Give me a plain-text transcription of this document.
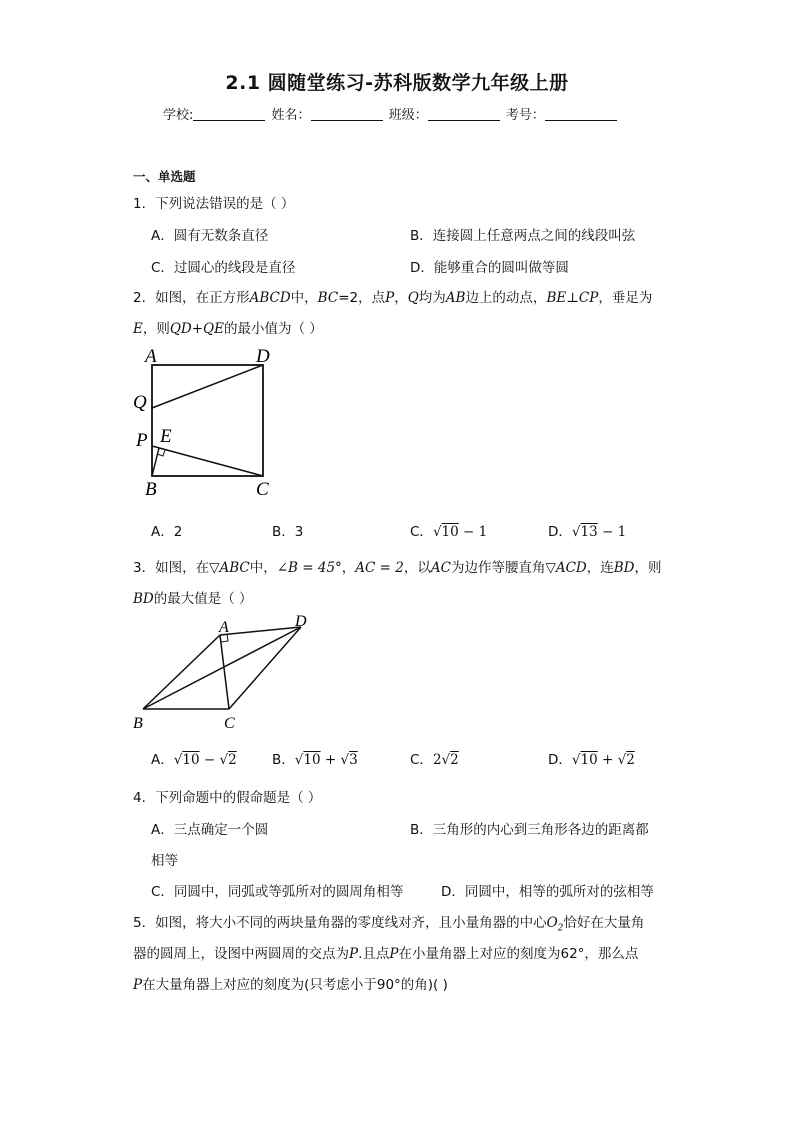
2.1 圆随堂练习-苏科版数学九年级上册
学校:	姓名：	班级：	考号：
一、单选题
1．下列说法错误的是（ ）
A．圆有无数条直径	B．连接圆上任意两点之间的线段叫弦
C．过圆心的线段是直径	D．能够重合的圆叫做等圆
2．如图，在正方形ABCD中，BC=2，点P，Q均为AB边上的动点，BE⊥CP，垂足为
E，则QD+QE的最小值为（ ）
A	D
Q
P E
B	C
A．2	B．3	C．√10 − 1	D．√13 − 1
3．如图，在▽ABC中，∠B = 45°，AC = 2，以AC为边作等腰直角▽ACD，连BD，则
BD的最大值是（ ）
A	D
B	C
A．√10 − √2	B．√10 + √3	C．2√2	D．√10 + √2
4．下列命题中的假命题是（ ）
A．三点确定一个圆	B．三角形的内心到三角形各边的距离都
相等
C．同圆中，同弧或等弧所对的圆周角相等	D．同圆中，相等的弧所对的弦相等
5．如图，将大小不同的两块量角器的零度线对齐，且小量角器的中心$O_2$恰好在大量角
器的圆周上，设图中两圆周的交点为P.且点P在小量角器上对应的刻度为62°，那么点
P在大量角器上对应的刻度为(只考虑小于90°的角)( )
